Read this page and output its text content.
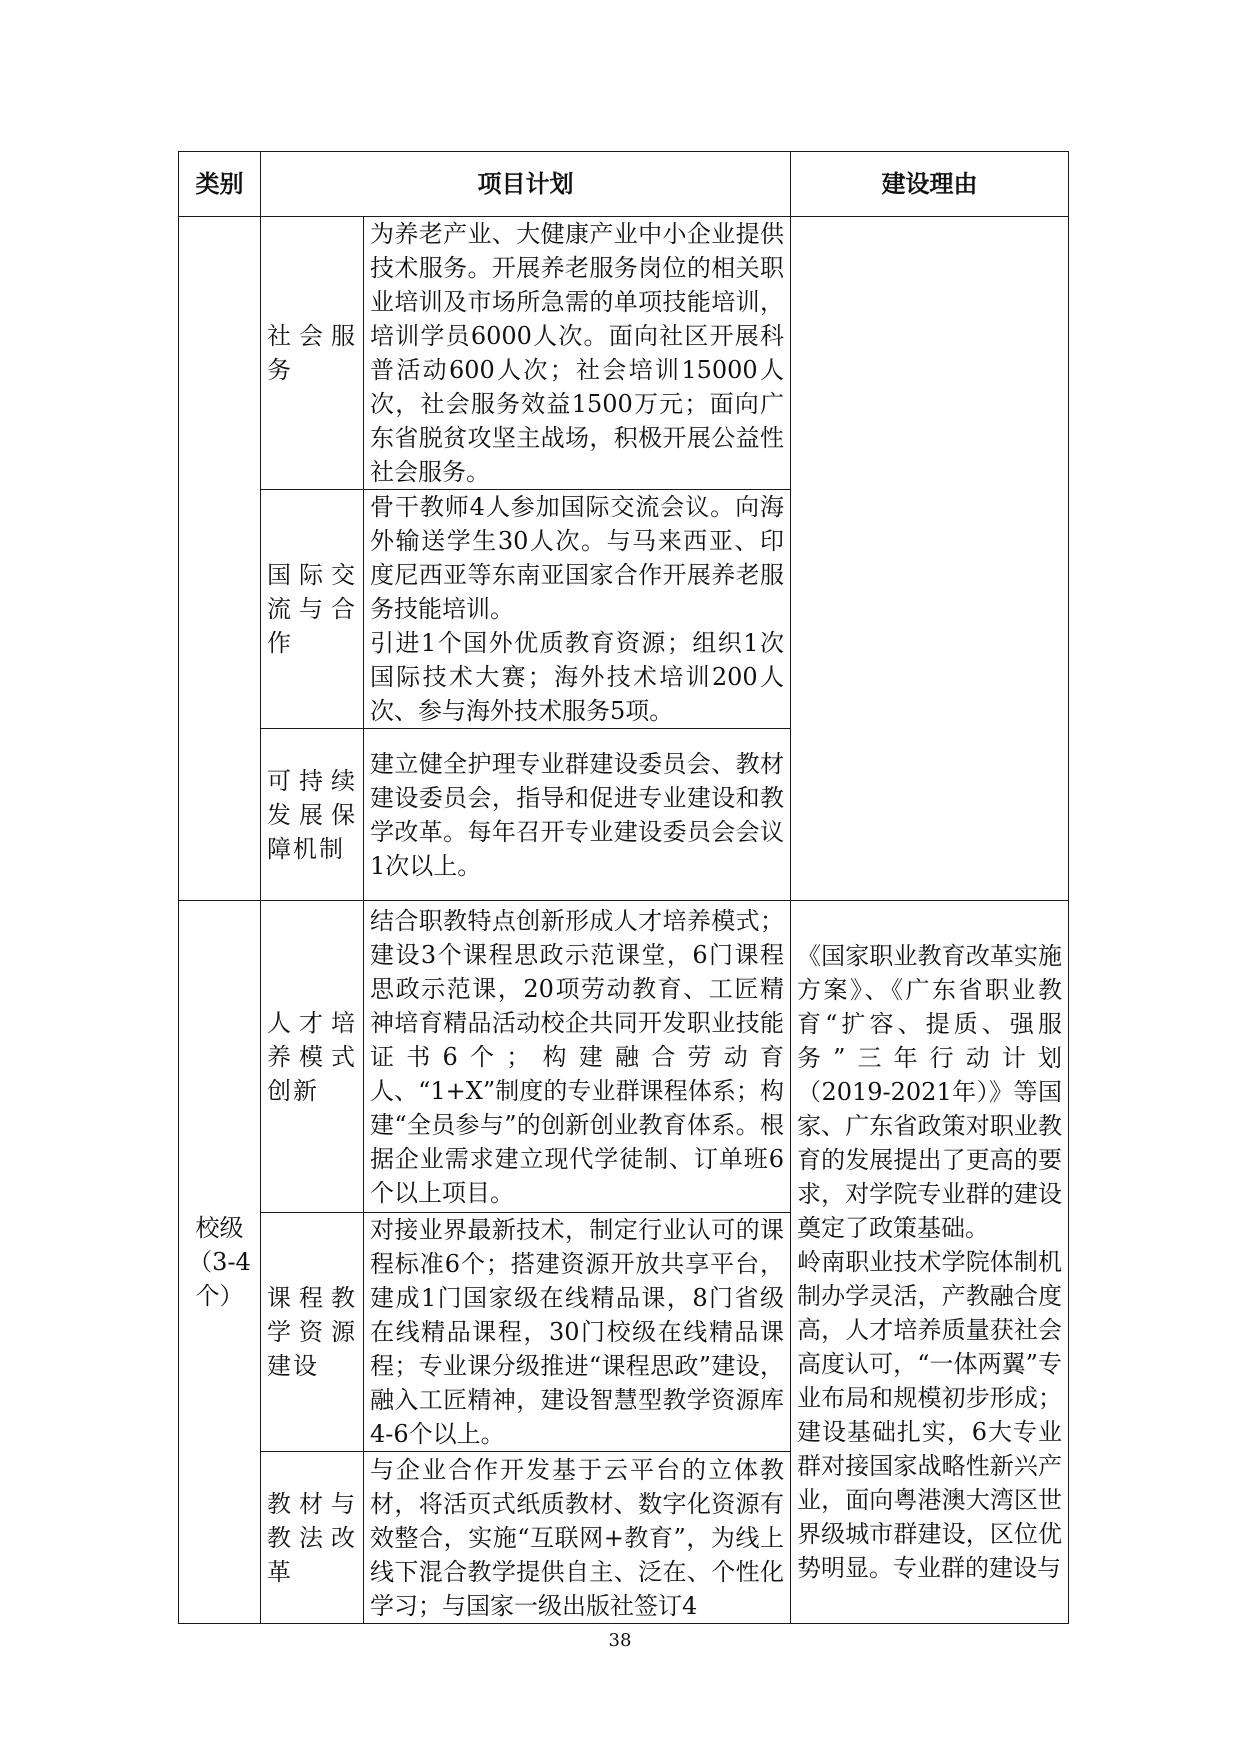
类别	项目计划		建设理由
	社会服务	为养老产业、大健康产业中小企业提供技术服务。开展养老服务岗位的相关职业培训及市场所急需的单项技能培训，培训学员6000人次。面向社区开展科普活动600人次；社会培训15000人次，社会服务效益1500万元；面向广东省脱贫攻坚主战场，积极开展公益性社会服务。	

	国际交流与合作	骨干教师4人参加国际交流会议。向海外输送学生30人次。与马来西亚、印度尼西亚等东南亚国家合作开展养老服务技能培训。
引进1个国外优质教育资源；组织1次国际技术大赛；海外技术培训200人次、参与海外技术服务5项。	

	可持续发展保障机制	建立健全护理专业群建设委员会、教材建设委员会，指导和促进专业建设和教学改革。每年召开专业建设委员会会议1次以上。	

校级（3-4个）	人才培养模式创新	结合职教特点创新形成人才培养模式；建设3个课程思政示范课堂，6门课程思政示范课，20项劳动教育、工匠精神培育精品活动校企共同开发职业技能证书6个；构建融合劳动育人、“1+X”制度的专业群课程体系；构建“全员参与”的创新创业教育体系。根据企业需求建立现代学徒制、订单班6个以上项目。	《国家职业教育改革实施方案》、《广东省职业教育“扩容、提质、强服务”三年行动计划（2019-2021年）》等国家、广东省政策对职业教育的发展提出了更高的要求，对学院专业群的建设奠定了政策基础。
岭南职业技术学院体制机制办学灵活，产教融合度高，人才培养质量获社会高度认可，“一体两翼”专业布局和规模初步形成；建设基础扎实，6大专业群对接国家战略性新兴产业，面向粤港澳大湾区世界级城市群建设，区位优势明显。专业群的建设与

	课程教学资源建设	对接业界最新技术，制定行业认可的课程标准6个；搭建资源开放共享平台，建成1门国家级在线精品课，8门省级在线精品课程，30门校级在线精品课程；专业课分级推进“课程思政”建设，融入工匠精神，建设智慧型教学资源库4-6个以上。	

	教材与教法改革	与企业合作开发基于云平台的立体教材，将活页式纸质教材、数字化资源有效整合，实施“互联网+教育”，为线上线下混合教学提供自主、泛在、个性化学习；与国家一级出版社签订4	
38
